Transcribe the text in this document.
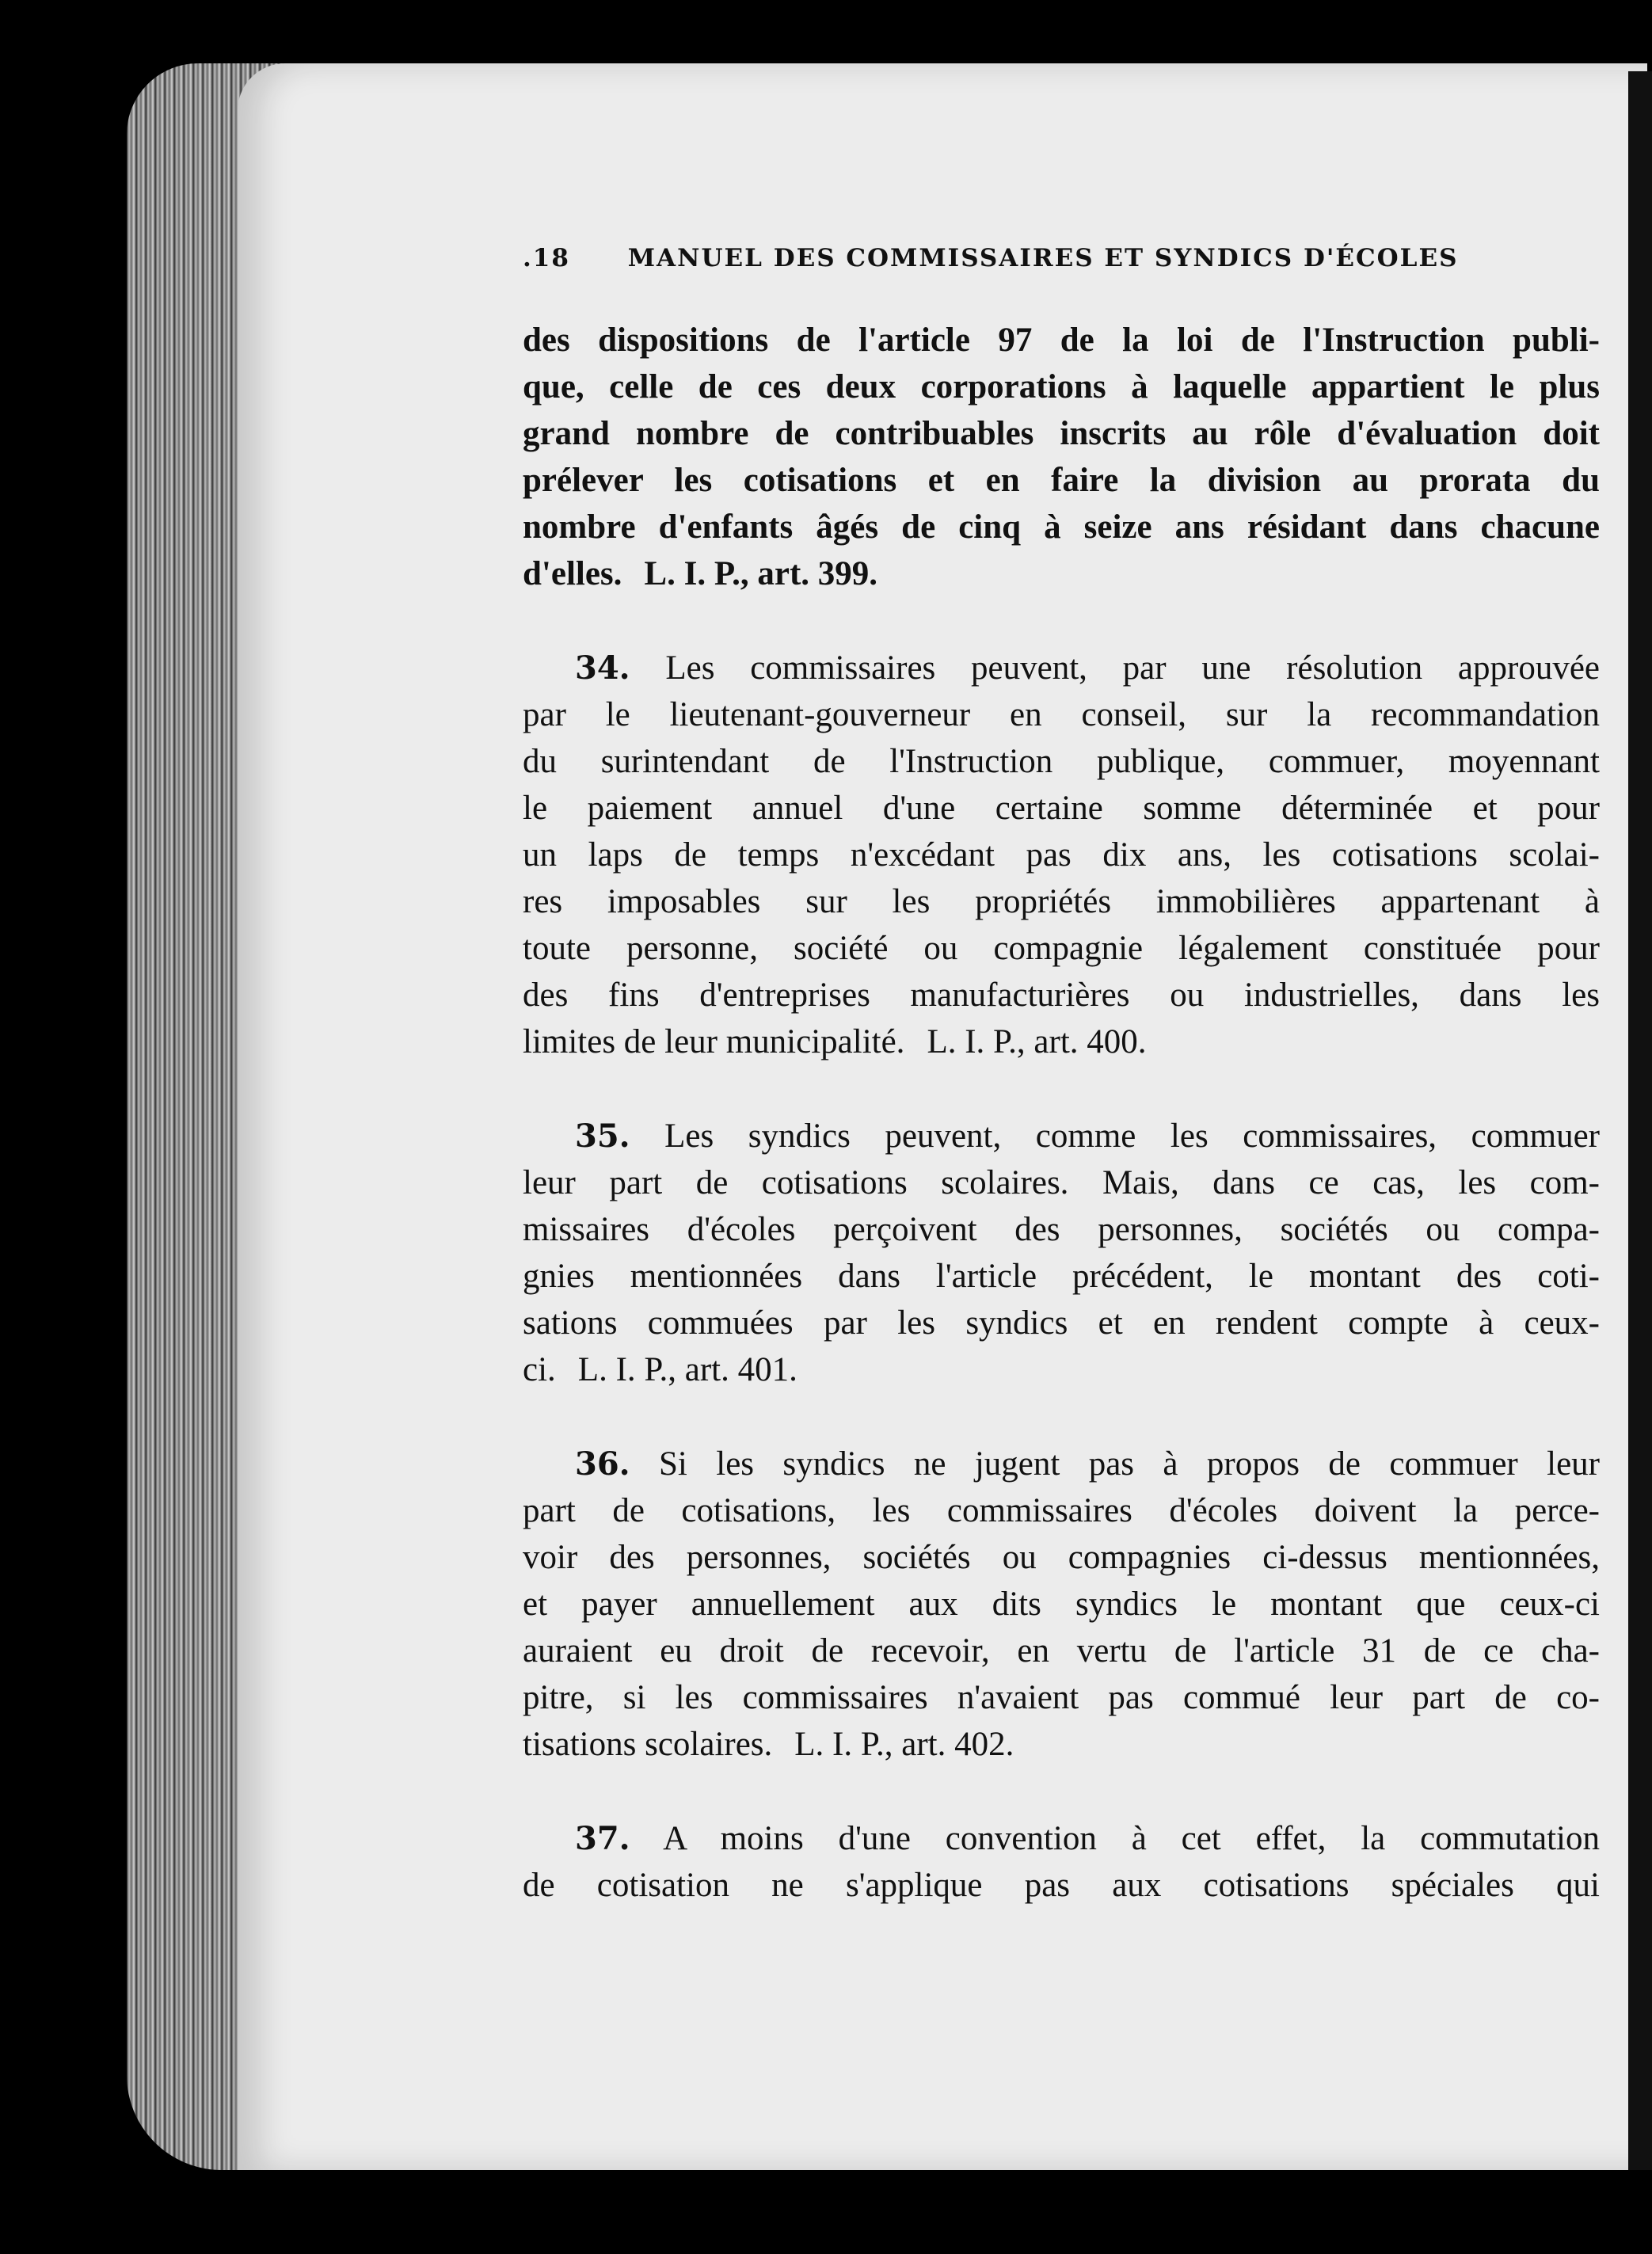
.18 MANUEL DES COMMISSAIRES ET SYNDICS D'ÉCOLES
des dispositions de l'article 97 de la loi de l'Instruction publi-
que, celle de ces deux corporations à laquelle appartient le plus
grand nombre de contribuables inscrits au rôle d'évaluation doit
prélever les cotisations et en faire la division au prorata du
nombre d'enfants âgés de cinq à seize ans résidant dans chacune
d'elles. L. I. P., art. 399.
34. Les commissaires peuvent, par une résolution approuvée
par le lieutenant-gouverneur en conseil, sur la recommandation
du surintendant de l'Instruction publique, commuer, moyennant
le paiement annuel d'une certaine somme déterminée et pour
un laps de temps n'excédant pas dix ans, les cotisations scolai-
res imposables sur les propriétés immobilières appartenant à
toute personne, société ou compagnie légalement constituée pour
des fins d'entreprises manufacturières ou industrielles, dans les
limites de leur municipalité. L. I. P., art. 400.
35. Les syndics peuvent, comme les commissaires, commuer
leur part de cotisations scolaires. Mais, dans ce cas, les com-
missaires d'écoles perçoivent des personnes, sociétés ou compa-
gnies mentionnées dans l'article précédent, le montant des coti-
sations commuées par les syndics et en rendent compte à ceux-
ci. L. I. P., art. 401.
36. Si les syndics ne jugent pas à propos de commuer leur
part de cotisations, les commissaires d'écoles doivent la perce-
voir des personnes, sociétés ou compagnies ci-dessus mentionnées,
et payer annuellement aux dits syndics le montant que ceux-ci
auraient eu droit de recevoir, en vertu de l'article 31 de ce cha-
pitre, si les commissaires n'avaient pas commué leur part de co-
tisations scolaires. L. I. P., art. 402.
37. A moins d'une convention à cet effet, la commutation
de cotisation ne s'applique pas aux cotisations spéciales qui
